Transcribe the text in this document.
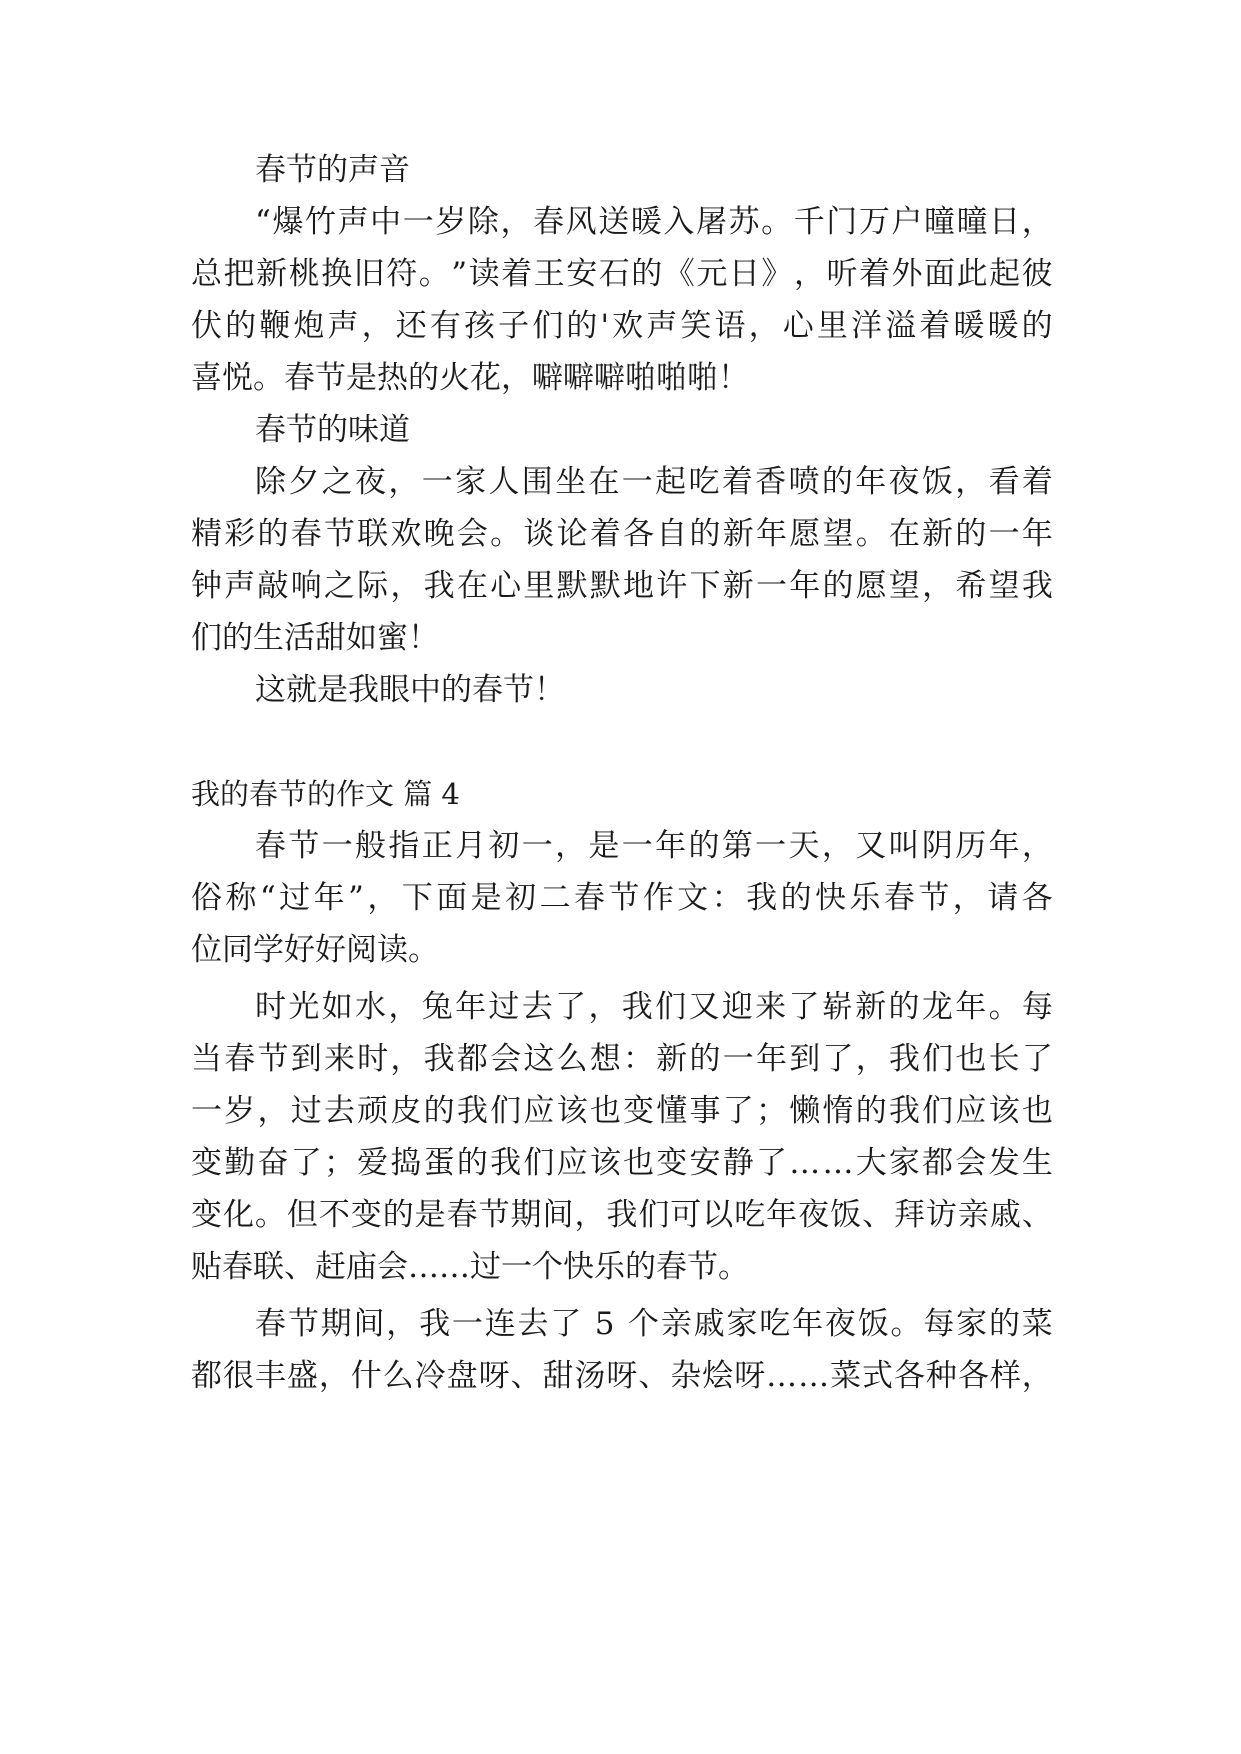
春节的声音
“ 爆 竹 声 中 一 岁 除 ， 春 风 送 暖 入 屠 苏 。 千 门 万 户 曈 曈 日 ，
总 把 新 桃 换 旧 符 。 ” 读 着 王 安 石 的 《 元 日 》 ， 听 着 外 面 此 起 彼
伏 的 鞭 炮 声 ， 还 有 孩 子 们 的 ' 欢 声 笑 语 ， 心 里 洋 溢 着 暖 暖 的
喜悦。春节是热的火花，噼噼噼啪啪啪！
春节的味道
除 夕 之 夜 ， 一 家 人 围 坐 在 一 起 吃 着 香 喷 的 年 夜 饭 ， 看 着
精 彩 的 春 节 联 欢 晚 会 。 谈 论 着 各 自 的 新 年 愿 望 。 在 新 的 一 年
钟 声 敲 响 之 际 ， 我 在 心 里 默 默 地 许 下 新 一 年 的 愿 望 ， 希 望 我
们的生活甜如蜜！
这就是我眼中的春节！
我的春节的作文 篇 4
春 节 一 般 指 正 月 初 一 ， 是 一 年 的 第 一 天 ， 又 叫 阴 历 年 ，
俗 称 “ 过 年 ” ， 下 面 是 初 二 春 节 作 文 ： 我 的 快 乐 春 节 ， 请 各
位同学好好阅读。
时 光 如 水 ， 兔 年 过 去 了 ， 我 们 又 迎 来 了 崭 新 的 龙 年 。 每
当 春 节 到 来 时 ， 我 都 会 这 么 想 ： 新 的 一 年 到 了 ， 我 们 也 长 了
一 岁 ， 过 去 顽 皮 的 我 们 应 该 也 变 懂 事 了 ； 懒 惰 的 我 们 应 该 也
变 勤 奋 了 ； 爱 捣 蛋 的 我 们 应 该 也 变 安 静 了 … … 大 家 都 会 发 生
变 化 。 但 不 变 的 是 春 节 期 间 ， 我 们 可 以 吃 年 夜 饭 、 拜 访 亲 戚 、
贴春联、赶庙会……过一个快乐的春节。
春 节 期 间 ， 我 一 连 去 了
5
个 亲 戚 家 吃 年 夜 饭 。 每 家 的 菜
都 很 丰 盛 ， 什 么 冷 盘 呀 、 甜 汤 呀 、 杂 烩 呀 … … 菜 式 各 种 各 样 ，
